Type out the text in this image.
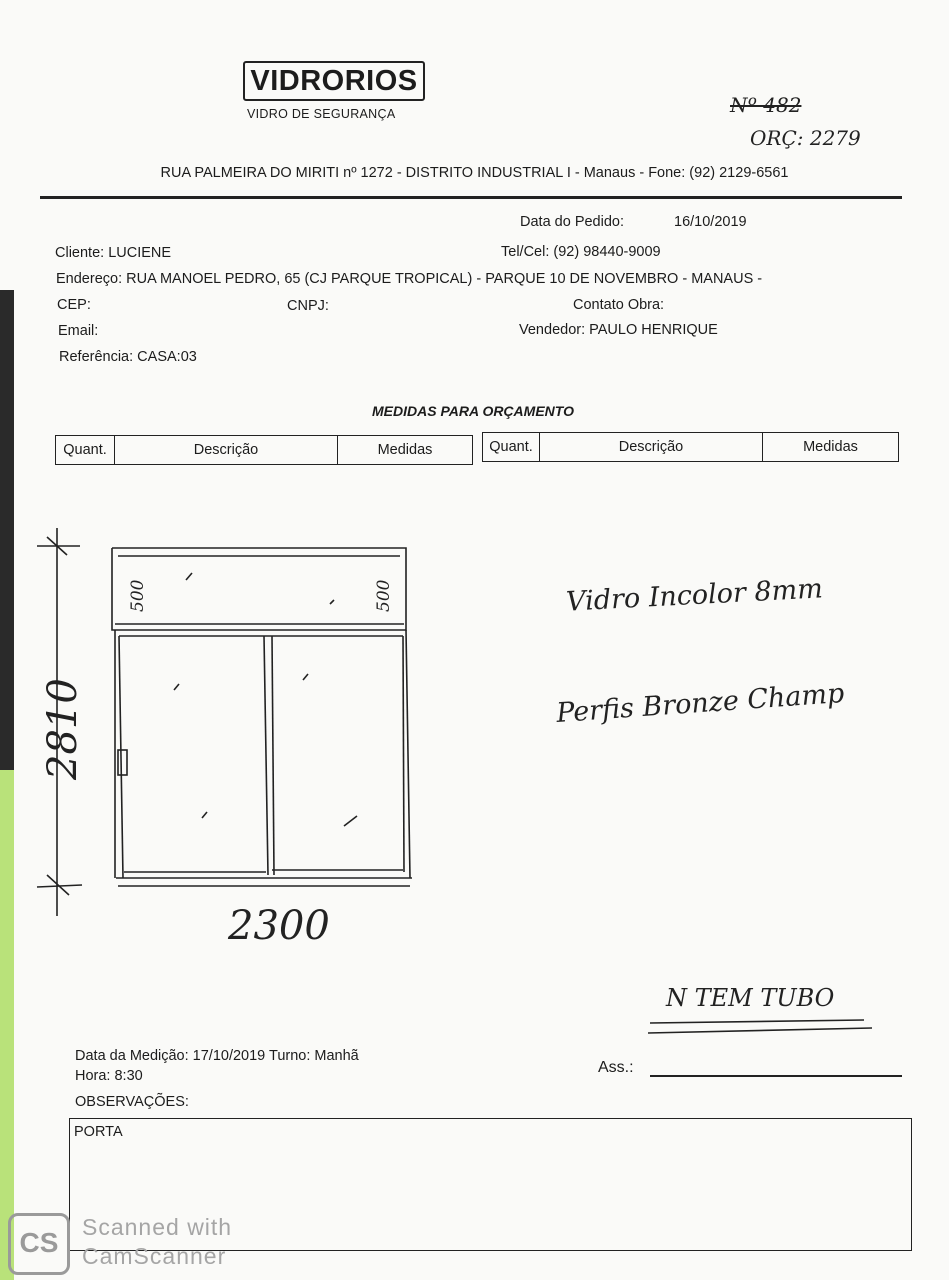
VIDRORIOS
VIDRO DE SEGURANÇA	Nº 482
ORÇ: 2279
RUA PALMEIRA DO MIRITI nº 1272 - DISTRITO INDUSTRIAL I - Manaus - Fone: (92) 2129-6561
Data do Pedido:	16/10/2019
Cliente: LUCIENE	Tel/Cel: (92) 98440-9009
Endereço: RUA MANOEL PEDRO, 65 (CJ PARQUE TROPICAL) - PARQUE 10 DE NOVEMBRO - MANAUS -
CEP:	CNPJ:	Contato Obra:
Email:	Vendedor: PAULO HENRIQUE
Referência: CASA:03
MEDIDAS PARA ORÇAMENTO
Quant.	Descrição	Medidas	Quant.	Descrição	Medidas
500	500
2810
2300
Vidro Incolor 8mm
Perfis Bronze Champ
N TEM TUBO
Data da Medição: 17/10/2019 Turno: Manhã
Hora: 8:30	Ass.:
OBSERVAÇÕES:
PORTA
CS	Scanned with
CamScanner
